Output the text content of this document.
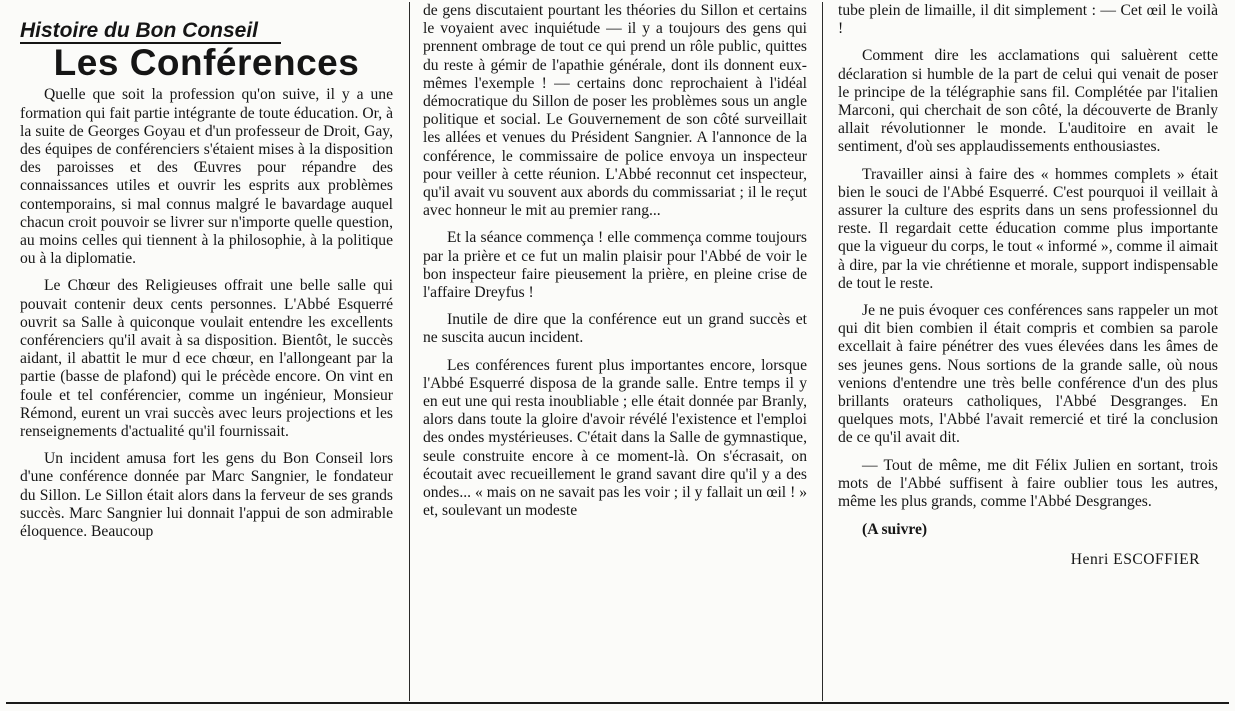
Histoire du Bon Conseil
Les Conférences

Quelle que soit la profession qu'on suive, il y a une formation qui fait partie intégrante de toute éducation. Or, à la suite de Georges Goyau et d'un professeur de Droit, Gay, des équipes de conférenciers s'étaient mises à la disposition des paroisses et des Œuvres pour répandre des connaissances utiles et ouvrir les esprits aux problèmes contemporains, si mal connus malgré le bavardage auquel chacun croit pouvoir se livrer sur n'importe quelle question, au moins celles qui tiennent à la philosophie, à la politique ou à la diplomatie.

Le Chœur des Religieuses offrait une belle salle qui pouvait contenir deux cents personnes. L'Abbé Esquerré ouvrit sa Salle à quiconque voulait entendre les excellents conférenciers qu'il avait à sa disposition. Bientôt, le succès aidant, il abattit le mur d ece chœur, en l'allongeant par la partie (basse de plafond) qui le précède encore. On vint en foule et tel conférencier, comme un ingénieur, Monsieur Rémond, eurent un vrai succès avec leurs projections et les renseignements d'actualité qu'il fournissait.

Un incident amusa fort les gens du Bon Conseil lors d'une conférence donnée par Marc Sangnier, le fondateur du Sillon. Le Sillon était alors dans la ferveur de ses grands succès. Marc Sangnier lui donnait l'appui de son admirable éloquence. Beaucoup

de gens discutaient pourtant les théories du Sillon et certains le voyaient avec inquiétude — il y a toujours des gens qui prennent ombrage de tout ce qui prend un rôle public, quittes du reste à gémir de l'apathie générale, dont ils donnent eux-mêmes l'exemple ! — certains donc reprochaient à l'idéal démocratique du Sillon de poser les problèmes sous un angle politique et social. Le Gouvernement de son côté surveillait les allées et venues du Président Sangnier. A l'annonce de la conférence, le commissaire de police envoya un inspecteur pour veiller à cette réunion. L'Abbé reconnut cet inspecteur, qu'il avait vu souvent aux abords du commissariat ; il le reçut avec honneur le mit au premier rang...

Et la séance commença ! elle commença comme toujours par la prière et ce fut un malin plaisir pour l'Abbé de voir le bon inspecteur faire pieusement la prière, en pleine crise de l'affaire Dreyfus !

Inutile de dire que la conférence eut un grand succès et ne suscita aucun incident.

Les conférences furent plus importantes encore, lorsque l'Abbé Esquerré disposa de la grande salle. Entre temps il y en eut une qui resta inoubliable ; elle était donnée par Branly, alors dans toute la gloire d'avoir révélé l'existence et l'emploi des ondes mystérieuses. C'était dans la Salle de gymnastique, seule construite encore à ce moment-là. On s'écrasait, on écoutait avec recueillement le grand savant dire qu'il y a des ondes... « mais on ne savait pas les voir ; il y fallait un œil ! » et, soulevant un modeste

tube plein de limaille, il dit simplement : — Cet œil le voilà !

Comment dire les acclamations qui saluèrent cette déclaration si humble de la part de celui qui venait de poser le principe de la télégraphie sans fil. Complétée par l'italien Marconi, qui cherchait de son côté, la découverte de Branly allait révolutionner le monde. L'auditoire en avait le sentiment, d'où ses applaudissements enthousiastes.

Travailler ainsi à faire des « hommes complets » était bien le souci de l'Abbé Esquerré. C'est pourquoi il veillait à assurer la culture des esprits dans un sens professionnel du reste. Il regardait cette éducation comme plus importante que la vigueur du corps, le tout « informé », comme il aimait à dire, par la vie chrétienne et morale, support indispensable de tout le reste.

Je ne puis évoquer ces conférences sans rappeler un mot qui dit bien combien il était compris et combien sa parole excellait à faire pénétrer des vues élevées dans les âmes de ses jeunes gens. Nous sortions de la grande salle, où nous venions d'entendre une très belle conférence d'un des plus brillants orateurs catholiques, l'Abbé Desgranges. En quelques mots, l'Abbé l'avait remercié et tiré la conclusion de ce qu'il avait dit.

— Tout de même, me dit Félix Julien en sortant, trois mots de l'Abbé suffisent à faire oublier tous les autres, même les plus grands, comme l'Abbé Desgranges.

(A suivre)
Henri ESCOFFIER
